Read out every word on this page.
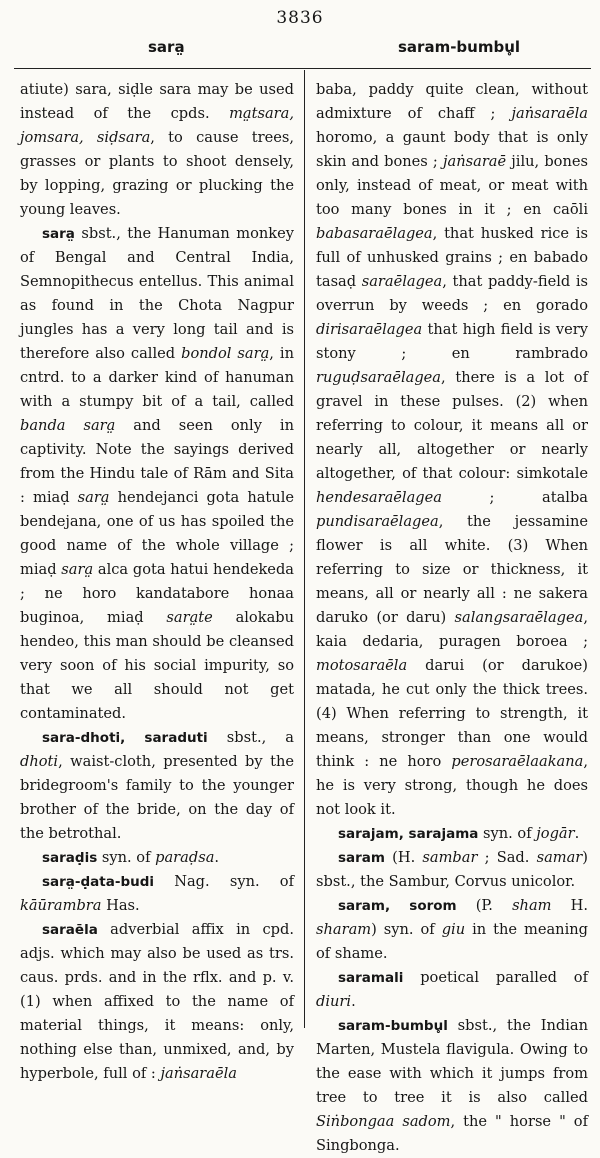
3836
sara̤	saram-bumbu̥l

atiute) sara, siḍle sara may be used instead of the cpds. ma̤tsara, jomsara, siḍsara, to cause trees, grasses or plants to shoot densely, by lopping, grazing or plucking the young leaves.

sara̤ sbst., the Hanuman monkey of Bengal and Central India, Semnopithecus entellus. This animal as found in the Chota Nagpur jungles has a very long tail and is therefore also called bondol sara̤, in cntrd. to a darker kind of hanuman with a stumpy bit of a tail, called banda sara̤ and seen only in captivity. Note the sayings derived from the Hindu tale of Rām and Sita : miaḍ sara̤ hendejanci gota hatule bendejana, one of us has spoiled the good name of the whole village ; miaḍ sara̤ alca gota hatui hendekeda ; ne horo kandatabore honaa buginoa, miaḍ sara̤te alokabu hendeo, this man should be cleansed very soon of his social impurity, so that we all should not get contaminated.

sara-dhoti, saraduti sbst., a dhoti, waist-cloth, presented by the bridegroom's family to the younger brother of the bride, on the day of the betrothal.

saraḍis syn. of paraḍsa.

sara̤-ḍata-budi Nag. syn. of kāūrambra Has.

saraēla adverbial affix in cpd. adjs. which may also be used as trs. caus. prds. and in the rflx. and p. v. (1) when affixed to the name of material things, it means: only, nothing else than, unmixed, and, by hyperbole, full of : jaṅsaraēla

baba, paddy quite clean, without admixture of chaff ; jaṅsaraēla horomo, a gaunt body that is only skin and bones ; jaṅsaraē jilu, bones only, instead of meat, or meat with too many bones in it ; en caōli babasaraēlagea, that husked rice is full of unhusked grains ; en babado tasaḍ saraēlagea, that paddy-field is overrun by weeds ; en gorado dirisaraēlagea that high field is very stony ; en rambrado ruguḍsaraēlagea, there is a lot of gravel in these pulses. (2) when referring to colour, it means all or nearly all, altogether or nearly altogether, of that colour: simkotale hendesaraēlagea ; atalba pundisaraēlagea, the jessamine flower is all white. (3) When referring to size or thickness, it means, all or nearly all : ne sakera daruko (or daru) salangsaraēlagea, kaia dedaria, puragen boroea ; motosaraēla darui (or darukoe) matada, he cut only the thick trees. (4) When referring to strength, it means, stronger than one would think : ne horo perosaraēlaakana, he is very strong, though he does not look it.

sarajam, sarajama syn. of jogār.

saram (H. sambar ; Sad. samar) sbst., the Sambur, Corvus unicolor.

saram, sorom (P. sham H. sharam) syn. of giu in the meaning of shame.

saramali poetical paralled of diuri.

saram-bumbu̥l sbst., the Indian Marten, Mustela flavigula. Owing to the ease with which it jumps from tree to tree it is also called Siṅbongaa sadom, the " horse " of Singbonga.
